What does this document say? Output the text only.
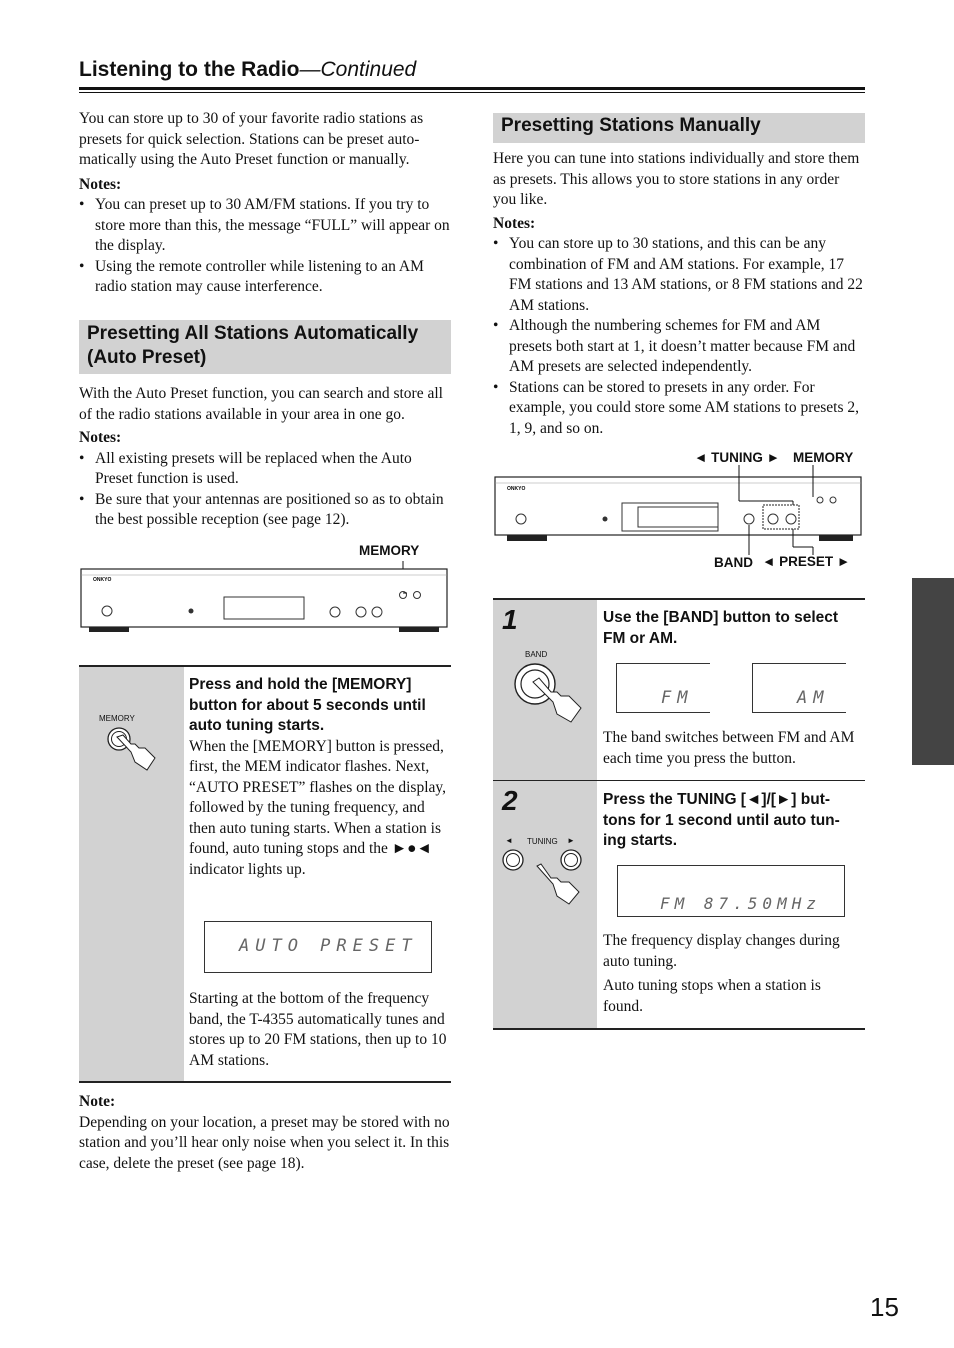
Listening to the Radio—Continued

You can store up to 30 of your favorite radio stations as presets for quick selection. Stations can be preset auto-matically using the Auto Preset function or manually.

Notes:

• You can preset up to 30 AM/FM stations. If you try to store more than this, the message “FULL” will appear on the display.
• Using the remote controller while listening to an AM radio station may cause interference.
Presetting All Stations Automatically
(Auto Preset)

With the Auto Preset function, you can search and store all of the radio stations available in your area in one go.

Notes:

• All existing presets will be replaced when the Auto Preset function is used.
• Be sure that your antennas are positioned so as to obtain the best possible reception (see page 12).
MEMORY
ONKYO
MEMORY

Press and hold the [MEMORY] button for about 5 seconds until auto tuning starts.

When the [MEMORY] button is pressed, first, the MEM indicator flashes. Next, “AUTO PRESET” flashes on the display, followed by the tuning frequency, and then auto tuning starts. When a station is found, auto tuning stops and the ►●◄ indicator lights up.

AUTO PRESET

Starting at the bottom of the frequency band, the T-4355 automatically tunes and stores up to 20 FM stations, then up to 10 AM stations.

Note:

Depending on your location, a preset may be stored with no station and you’ll hear only noise when you select it. In this case, delete the preset (see page 18).

Presetting Stations Manually

Here you can tune into stations individually and store them as presets. This allows you to store stations in any order you like.

Notes:

• You can store up to 30 stations, and this can be any combination of FM and AM stations. For example, 17 FM stations and 13 AM stations, or 8 FM stations and 22 AM stations.
• Although the numbering schemes for FM and AM presets both start at 1, it doesn’t matter because FM and AM presets are selected independently.
• Stations can be stored to presets in any order. For example, you could store some AM stations to presets 2, 1, 9, and so on.
◄ TUNING ► MEMORY
BAND ◄ PRESET ►
ONKYO
1
BAND

Use the [BAND] button to select FM or AM.

FM	AM

The band switches between FM and AM each time you press the button.

2
◄ TUNING ►

Press the TUNING [◄]/[►] but-tons for 1 second until auto tun-ing starts.

FM 87.50MHz

The frequency display changes during auto tuning.

Auto tuning stops when a station is found.

15
